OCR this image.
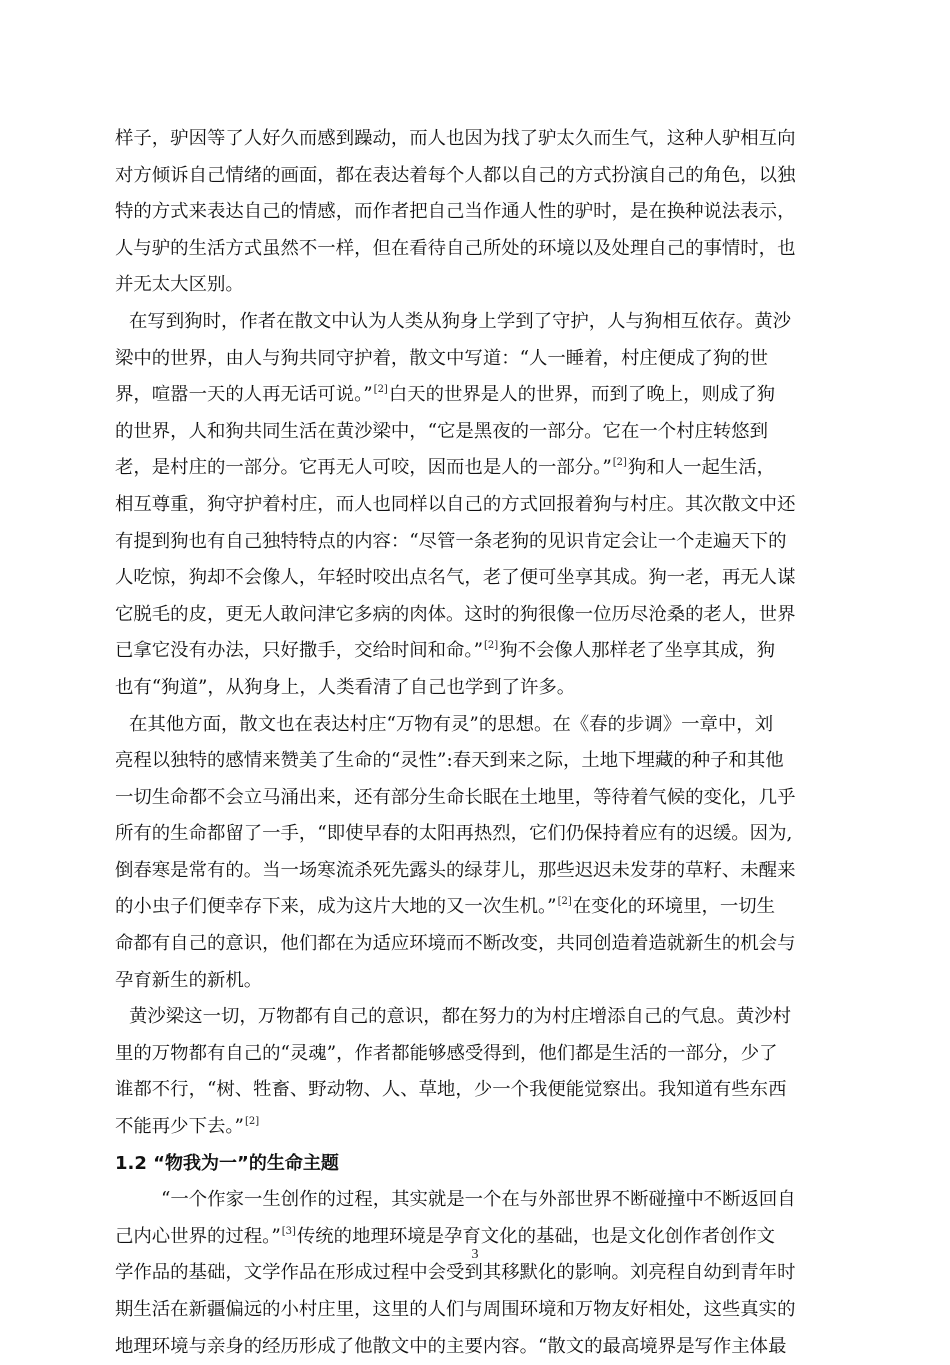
样子，驴因等了人好久而感到躁动，而人也因为找了驴太久而生气，这种人驴相互向
对方倾诉自己情绪的画面，都在表达着每个人都以自己的方式扮演自己的角色，以独
特的方式来表达自己的情感，而作者把自己当作通人性的驴时，是在换种说法表示，
人与驴的生活方式虽然不一样，但在看待自己所处的环境以及处理自己的事情时，也
并无太大区别。
在写到狗时，作者在散文中认为人类从狗身上学到了守护，人与狗相互依存。黄沙
梁中的世界，由人与狗共同守护着，散文中写道：“人一睡着，村庄便成了狗的世
界，喧嚣一天的人再无话可说。”[2]白天的世界是人的世界，而到了晚上，则成了狗
的世界，人和狗共同生活在黄沙梁中，“它是黑夜的一部分。它在一个村庄转悠到
老，是村庄的一部分。它再无人可咬，因而也是人的一部分。”[2]狗和人一起生活，
相互尊重，狗守护着村庄，而人也同样以自己的方式回报着狗与村庄。其次散文中还
有提到狗也有自己独特特点的内容：“尽管一条老狗的见识肯定会让一个走遍天下的
人吃惊，狗却不会像人，年轻时咬出点名气，老了便可坐享其成。狗一老，再无人谋
它脱毛的皮，更无人敢问津它多病的肉体。这时的狗很像一位历尽沧桑的老人，世界
已拿它没有办法，只好撒手，交给时间和命。”[2]狗不会像人那样老了坐享其成，狗
也有“狗道”，从狗身上，人类看清了自己也学到了许多。
在其他方面，散文也在表达村庄“万物有灵”的思想。在《春的步调》一章中，刘
亮程以独特的感情来赞美了生命的“灵性”:春天到来之际，土地下埋藏的种子和其他
一切生命都不会立马涌出来，还有部分生命长眠在土地里，等待着气候的变化，几乎
所有的生命都留了一手，“即使早春的太阳再热烈，它们仍保持着应有的迟缓。因为,
倒春寒是常有的。当一场寒流杀死先露头的绿芽儿，那些迟迟未发芽的草籽、未醒来
的小虫子们便幸存下来，成为这片大地的又一次生机。”[2]在变化的环境里，一切生
命都有自己的意识，他们都在为适应环境而不断改变，共同创造着造就新生的机会与
孕育新生的新机。
黄沙梁这一切，万物都有自己的意识，都在努力的为村庄增添自己的气息。黄沙村
里的万物都有自己的“灵魂”，作者都能够感受得到，他们都是生活的一部分，少了
谁都不行，“树、牲畜、野动物、人、草地，少一个我便能觉察出。我知道有些东西
不能再少下去。”[2]
1.2 “物我为一”的生命主题
“一个作家一生创作的过程，其实就是一个在与外部世界不断碰撞中不断返回自
己内心世界的过程。”[3]传统的地理环境是孕育文化的基础，也是文化创作者创作文
学作品的基础，文学作品在形成过程中会受到其移默化的影响。刘亮程自幼到青年时
期生活在新疆偏远的小村庄里，这里的人们与周围环境和万物友好相处，这些真实的
地理环境与亲身的经历形成了他散文中的主要内容。“散文的最高境界是写作主体最
3
